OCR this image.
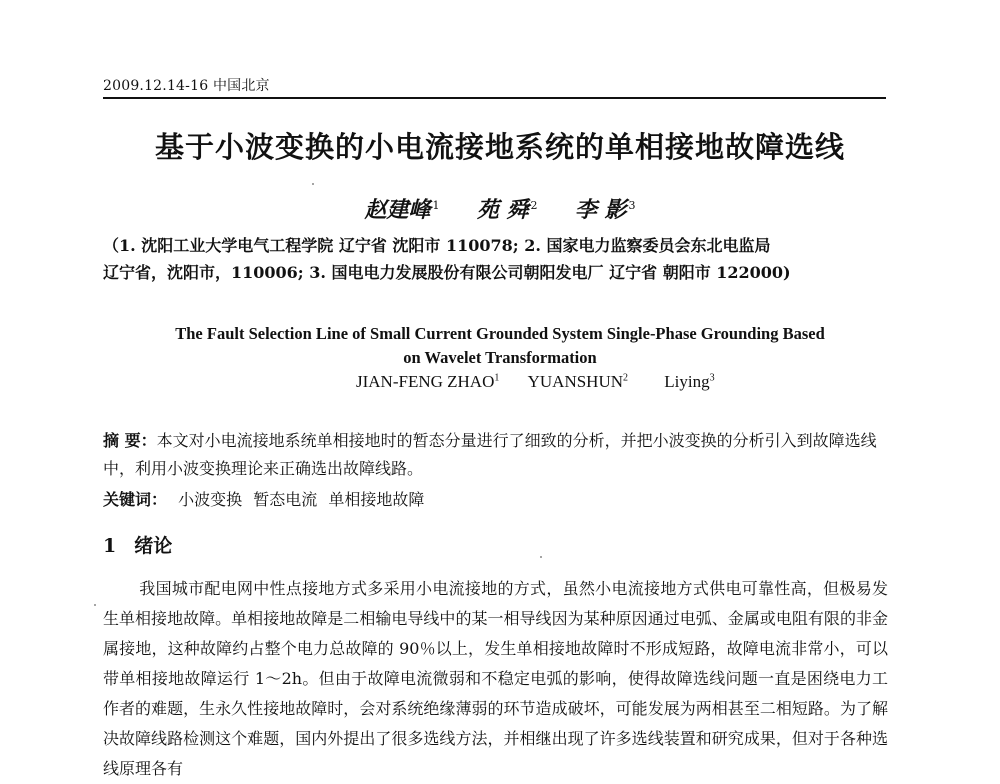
2009.12.14-16 中国北京
基于小波变换的小电流接地系统的单相接地故障选线
赵建峰 $^1$ 苑 舜 $^2$ 李 影 $^3$
（1. 沈阳工业大学电气工程学院 辽宁省 沈阳市 110078; 2. 国家电力监察委员会东北电监局
辽宁省，沈阳市，110006; 3. 国电电力发展股份有限公司朝阳发电厂 辽宁省 朝阳市 122000)
The Fault Selection Line of Small Current Grounded System Single-Phase Grounding Based
on Wavelet Transformation
JIAN-FENG ZHAO$^1$ YUANSHUN$^2$ Liying$^3$
摘 要：本文对小电流接地系统单相接地时的暂态分量进行了细致的分析，并把小波变换的分析引入到故障选线中，利用小波变换理论来正确选出故障线路。
关键词： 小波变换 暂态电流 单相接地故障
1 绪论
我国城市配电网中性点接地方式多采用小电流接地的方式，虽然小电流接地方式供电可靠性高，但极易发生单相接地故障。单相接地故障是二相输电导线中的某一相导线因为某种原因通过电弧、金属或电阻有限的非金属接地，这种故障约占整个电力总故障的 90％以上，发生单相接地故障时不形成短路，故障电流非常小，可以带单相接地故障运行 1～2h。但由于故障电流微弱和不稳定电弧的影响，使得故障选线问题一直是困绕电力工作者的难题，生永久性接地故障时，会对系统绝缘薄弱的环节造成破坏，可能发展为两相甚至二相短路。为了解决故障线路检测这个难题，国内外提出了很多选线方法，并相继出现了许多选线装置和研究成果，但对于各种选线原理各有
